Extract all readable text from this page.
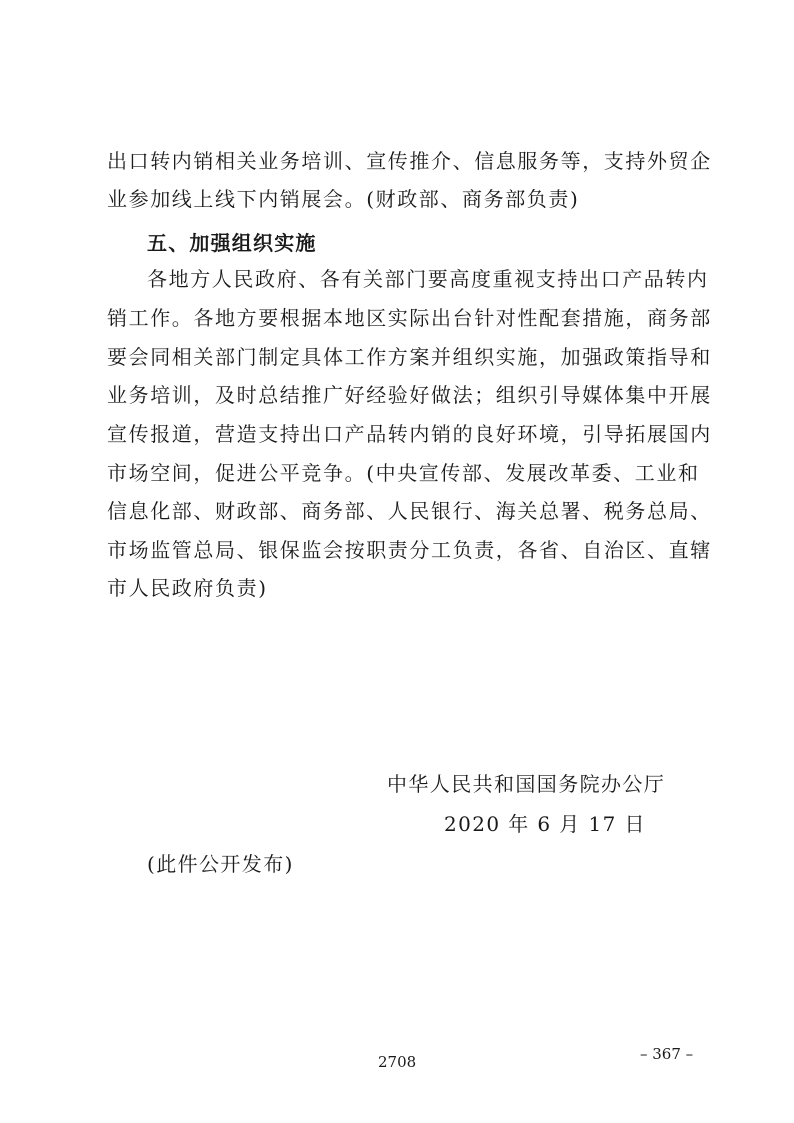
出口转内销相关业务培训、宣传推介、信息服务等，支持外贸企
业参加线上线下内销展会。(财政部、商务部负责)
五、加强组织实施
各地方人民政府、各有关部门要高度重视支持出口产品转内
销工作。各地方要根据本地区实际出台针对性配套措施，商务部
要会同相关部门制定具体工作方案并组织实施，加强政策指导和
业务培训，及时总结推广好经验好做法；组织引导媒体集中开展
宣传报道，营造支持出口产品转内销的良好环境，引导拓展国内
市场空间，促进公平竞争。(中央宣传部、发展改革委、工业和
信息化部、财政部、商务部、人民银行、海关总署、税务总局、
市场监管总局、银保监会按职责分工负责，各省、自治区、直辖
市人民政府负责)
中华人民共和国国务院办公厅
2020 年 6 月 17 日
(此件公开发布)
– 367 –
2708
